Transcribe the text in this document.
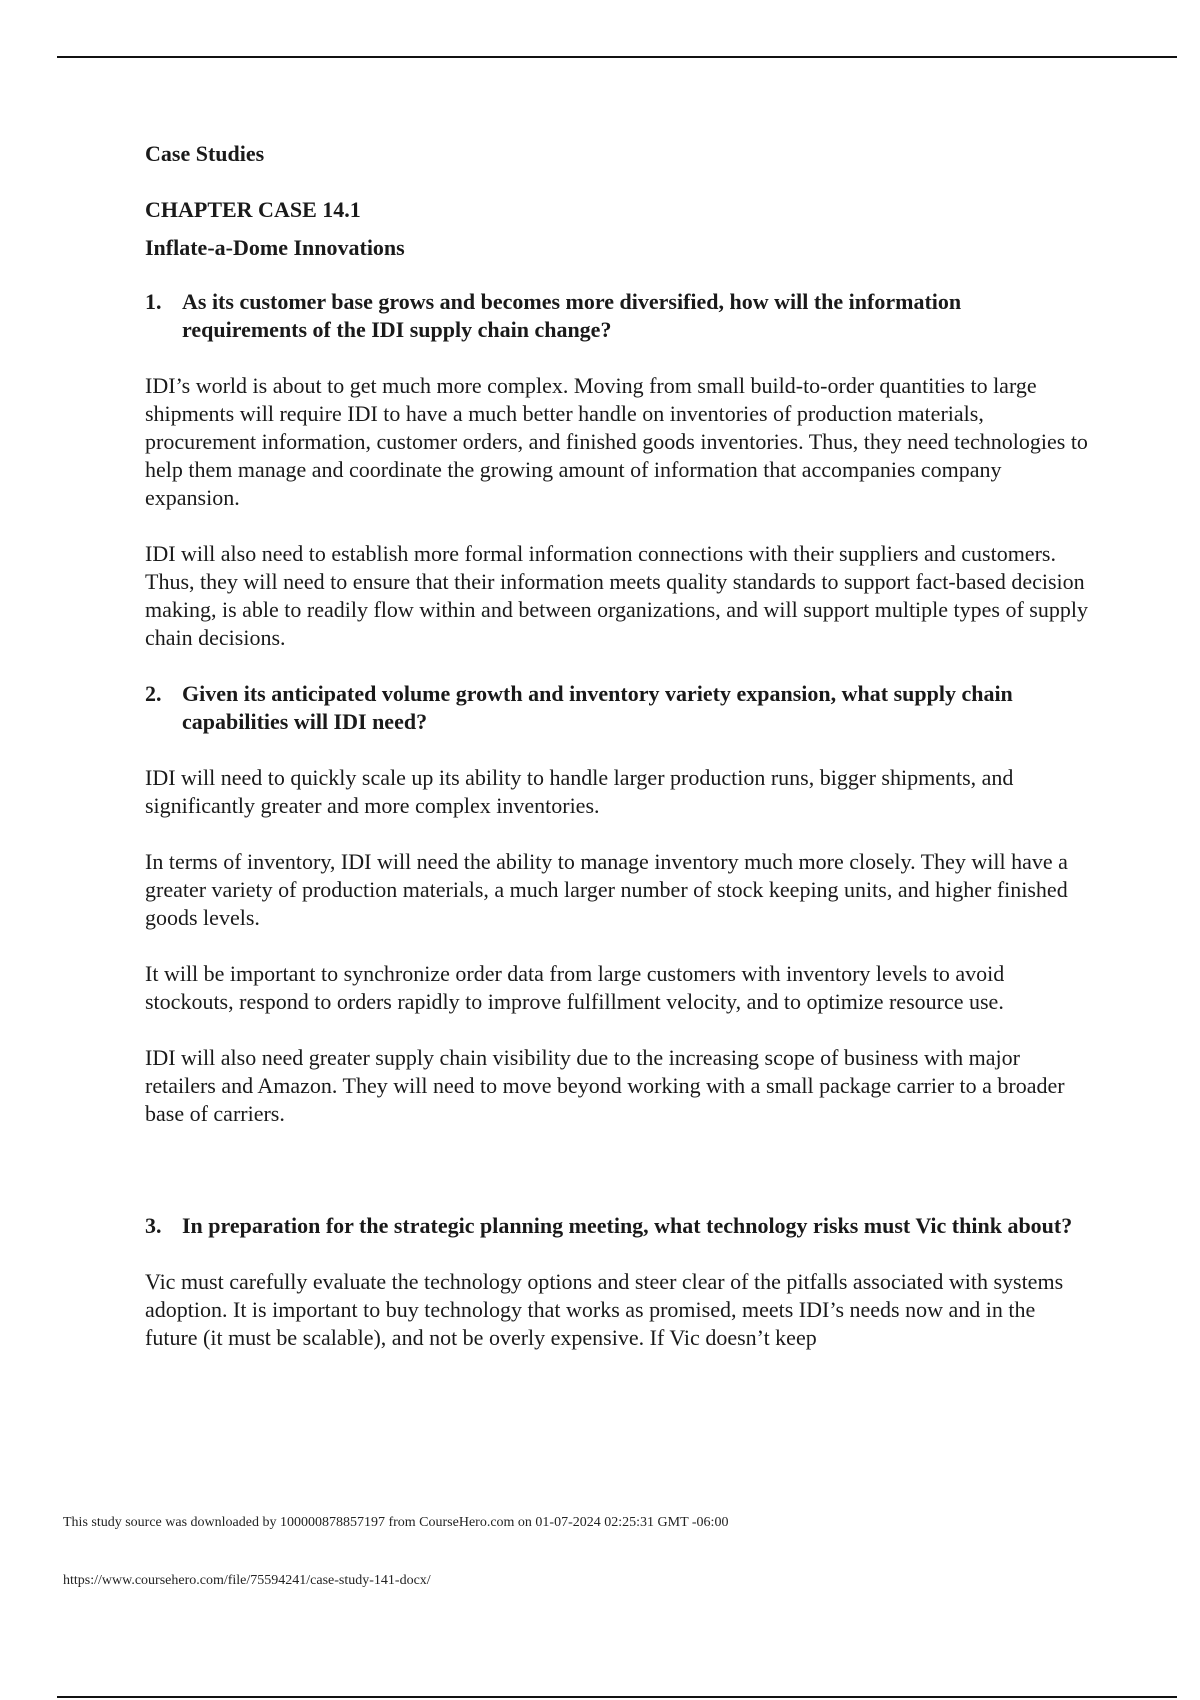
Case Studies
CHAPTER CASE 14.1
Inflate-a-Dome Innovations
1. As its customer base grows and becomes more diversified, how will the information requirements of the IDI supply chain change?

IDI’s world is about to get much more complex. Moving from small build-to-order quantities to large shipments will require IDI to have a much better handle on inventories of production materials, procurement information, customer orders, and finished goods inventories. Thus, they need technologies to help them manage and coordinate the growing amount of information that accompanies company expansion.

IDI will also need to establish more formal information connections with their suppliers and customers. Thus, they will need to ensure that their information meets quality standards to support fact-based decision making, is able to readily flow within and between organizations, and will support multiple types of supply chain decisions.

2. Given its anticipated volume growth and inventory variety expansion, what supply chain capabilities will IDI need?

IDI will need to quickly scale up its ability to handle larger production runs, bigger shipments, and significantly greater and more complex inventories.

In terms of inventory, IDI will need the ability to manage inventory much more closely. They will have a greater variety of production materials, a much larger number of stock keeping units, and higher finished goods levels.

It will be important to synchronize order data from large customers with inventory levels to avoid stockouts, respond to orders rapidly to improve fulfillment velocity, and to optimize resource use.

IDI will also need greater supply chain visibility due to the increasing scope of business with major retailers and Amazon. They will need to move beyond working with a small package carrier to a broader base of carriers.

3. In preparation for the strategic planning meeting, what technology risks must Vic think about?

Vic must carefully evaluate the technology options and steer clear of the pitfalls associated with systems adoption. It is important to buy technology that works as promised, meets IDI’s needs now and in the future (it must be scalable), and not be overly expensive. If Vic doesn’t keep

This study source was downloaded by 100000878857197 from CourseHero.com on 01-07-2024 02:25:31 GMT -06:00
https://www.coursehero.com/file/75594241/case-study-141-docx/
